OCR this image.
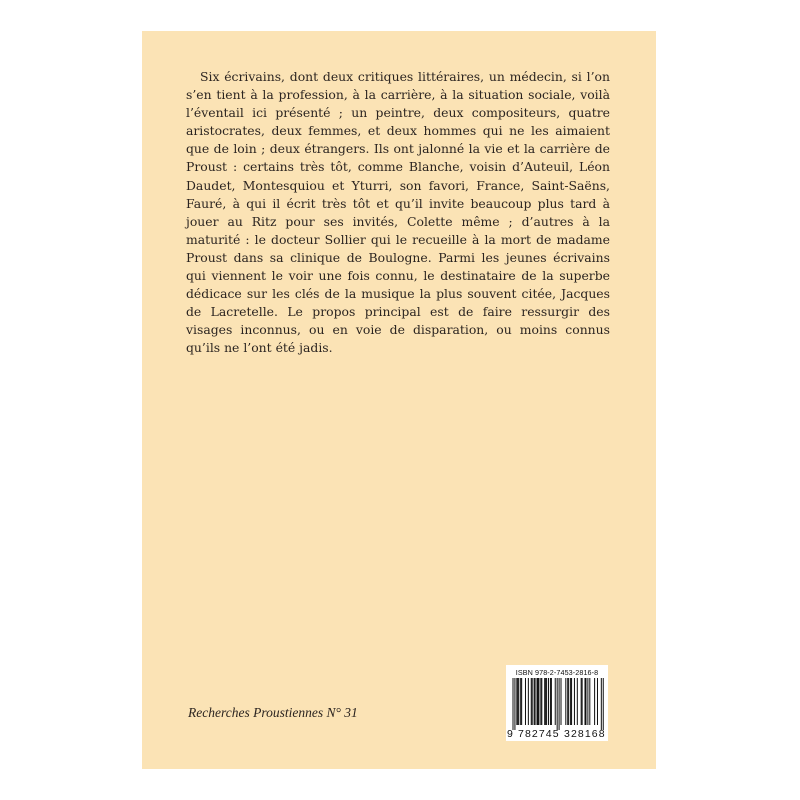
Six écrivains, dont deux critiques littéraires, un médecin, si l’on s’en tient à la profession, à la carrière, à la situation sociale, voilà l’éventail ici présenté ; un peintre, deux compositeurs, quatre aristocrates, deux femmes, et deux hommes qui ne les aimaient que de loin ; deux étrangers. Ils ont jalonné la vie et la carrière de Proust : certains très tôt, comme Blanche, voisin d’Auteuil, Léon Daudet, Montesquiou et Yturri, son favori, France, Saint-Saëns, Fauré, à qui il écrit très tôt et qu’il invite beaucoup plus tard à jouer au Ritz pour ses invités, Colette même ; d’autres à la maturité : le docteur Sollier qui le recueille à la mort de madame Proust dans sa clinique de Boulogne. Parmi les jeunes écrivains qui viennent le voir une fois connu, le destinataire de la superbe dédicace sur les clés de la musique la plus souvent citée, Jacques de Lacretelle. Le propos principal est de faire ressurgir des visages inconnus, ou en voie de disparation, ou moins connus qu’ils ne l’ont été jadis.

Recherches Proustiennes N° 31

ISBN 978-2-7453-2816-8

9 782745 328168
